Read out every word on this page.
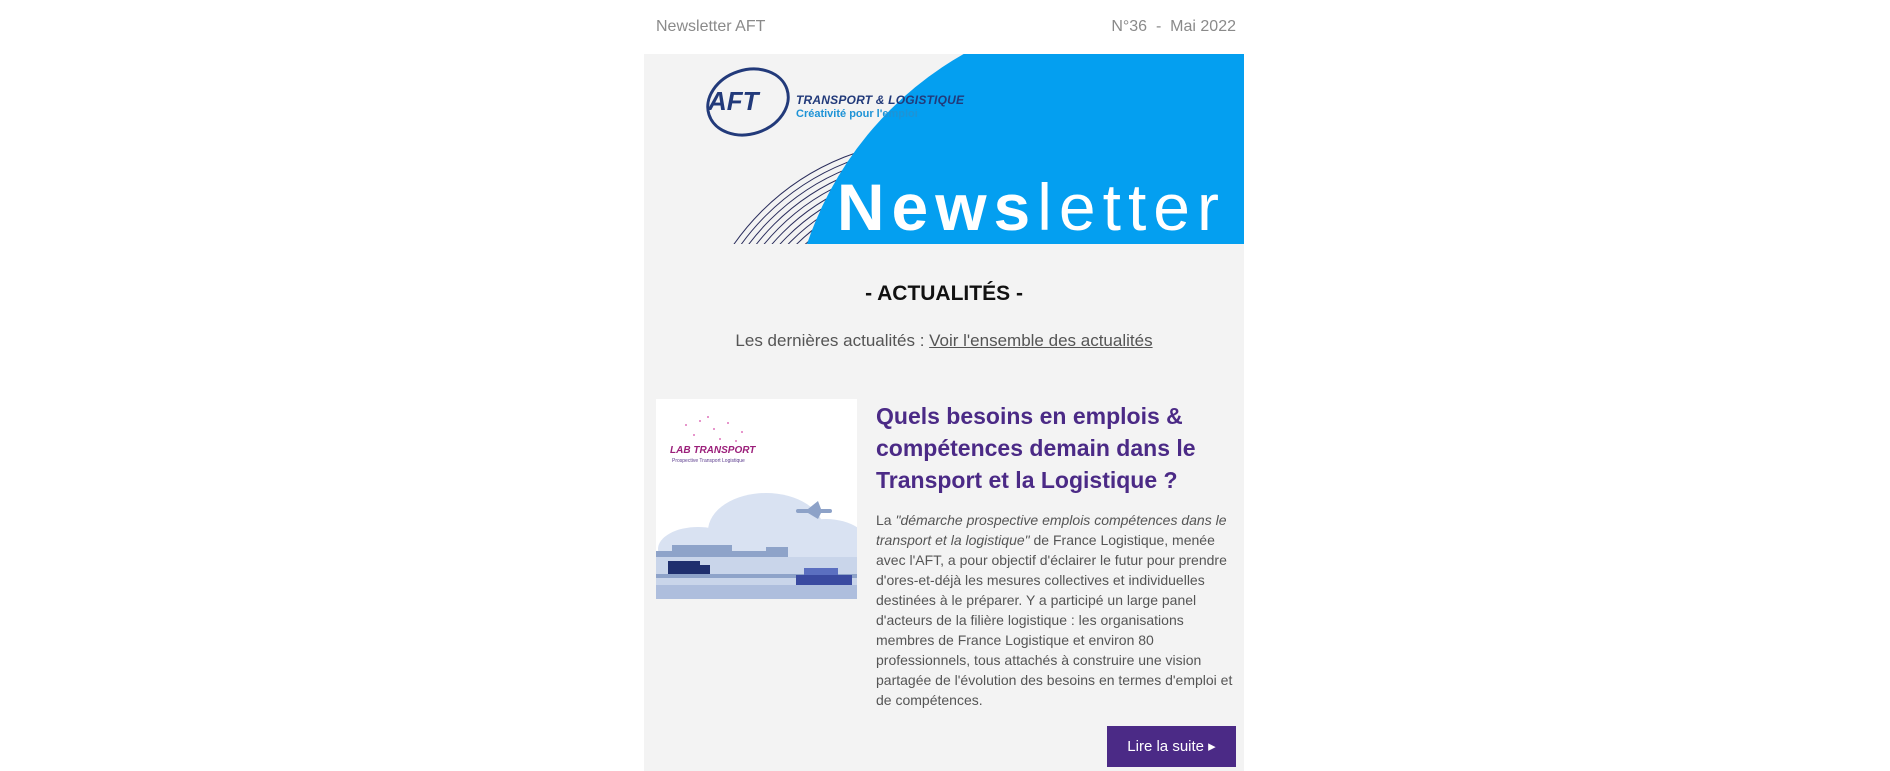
Newsletter AFT	N°36  -  Mai 2022
AFT	TRANSPORT & LOGISTIQUE
Créativité pour l'emploi
Newsletter
- ACTUALITÉS -
Les dernières actualités : Voir l'ensemble des actualités
LAB TRANSPORT
Prospective Transport Logistique
Quels besoins en emplois & compétences demain dans le Transport et la Logistique ?
La "démarche prospective emplois compétences dans le transport et la logistique" de France Logistique, menée avec l'AFT, a pour objectif d'éclairer le futur pour prendre d'ores-et-déjà les mesures collectives et individuelles destinées à le préparer. Y a participé un large panel d'acteurs de la filière logistique : les organisations membres de France Logistique et environ 80 professionnels, tous attachés à construire une vision partagée de l'évolution des besoins en termes d'emploi et de compétences.
Lire la suite ▸
